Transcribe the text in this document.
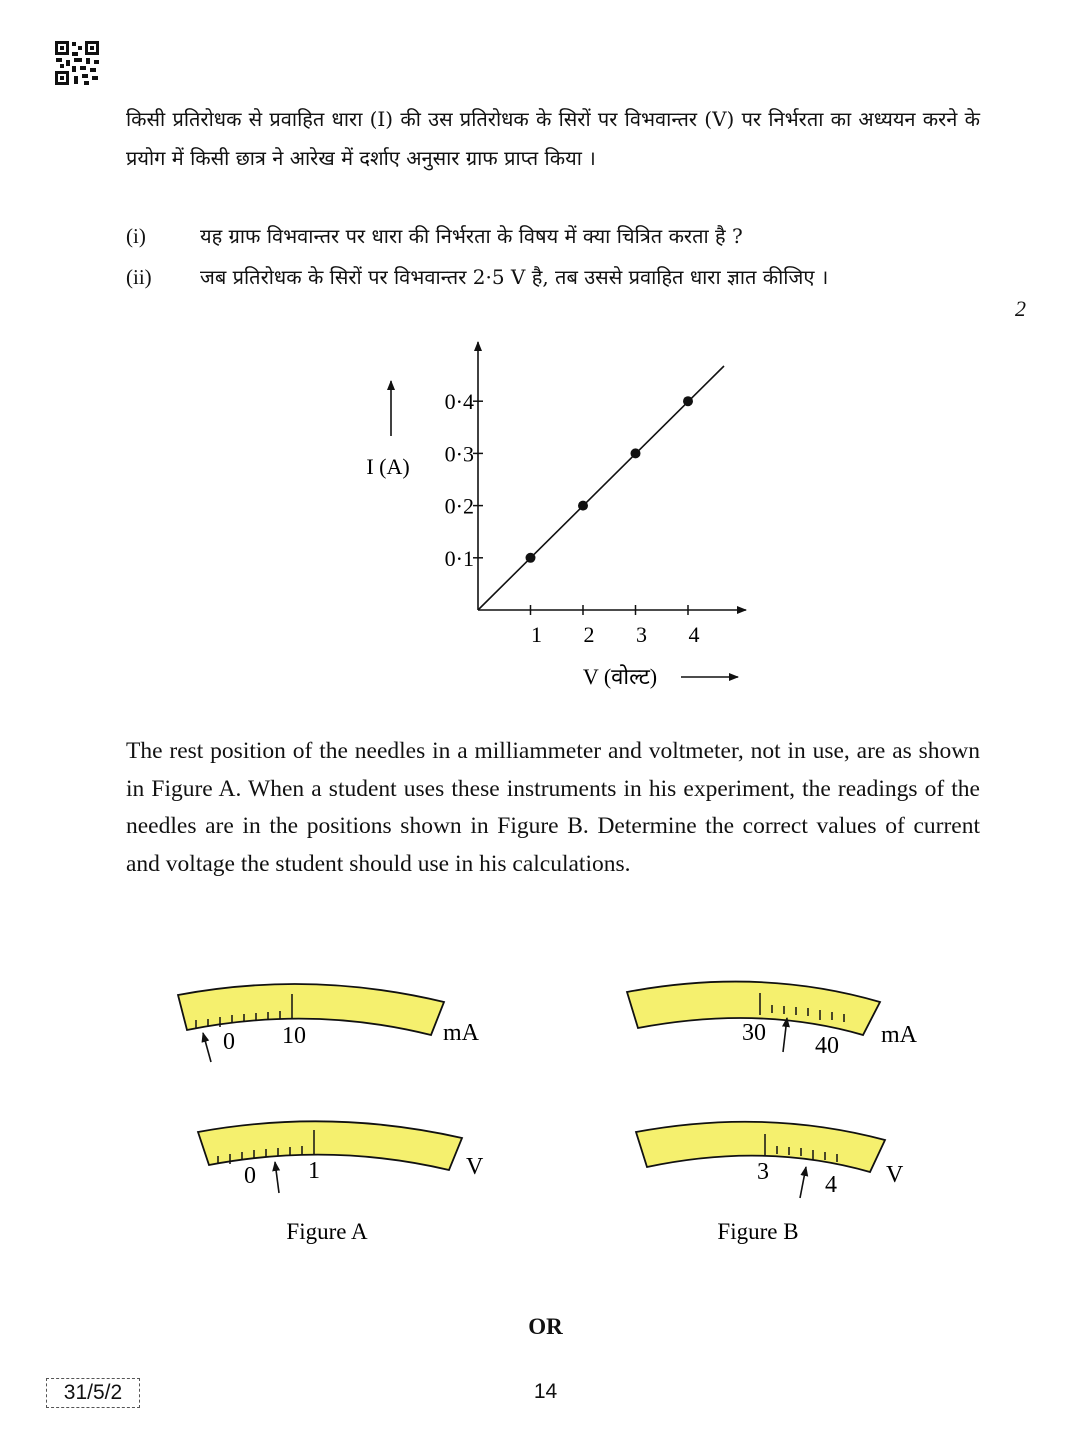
किसी प्रतिरोधक से प्रवाहित धारा (I) की उस प्रतिरोधक के सिरों पर विभवान्तर (V) पर निर्भरता का अध्ययन करने के प्रयोग में किसी छात्र ने आरेख में दर्शाए अनुसार ग्राफ प्राप्त किया ।
(i)	यह ग्राफ विभवान्तर पर धारा की निर्भरता के विषय में क्या चित्रित करता है ?
(ii) जब प्रतिरोधक के सिरों पर विभवान्तर 2·5 V है, तब उससे प्रवाहित धारा ज्ञात कीजिए ।
2
0·1
0·2
0·3
0·4
1 2 3 4
I (A)
V (वोल्ट)
The rest position of the needles in a milliammeter and voltmeter, not in use, are as shown in Figure A. When a student uses these instruments in his experiment, the readings of the needles are in the positions shown in Figure B. Determine the correct values of current and voltage the student should use in his calculations.
0 10	mA
0 1	V
30 40 mA
3 4 V
Figure A	Figure B
OR
31/5/2	14
